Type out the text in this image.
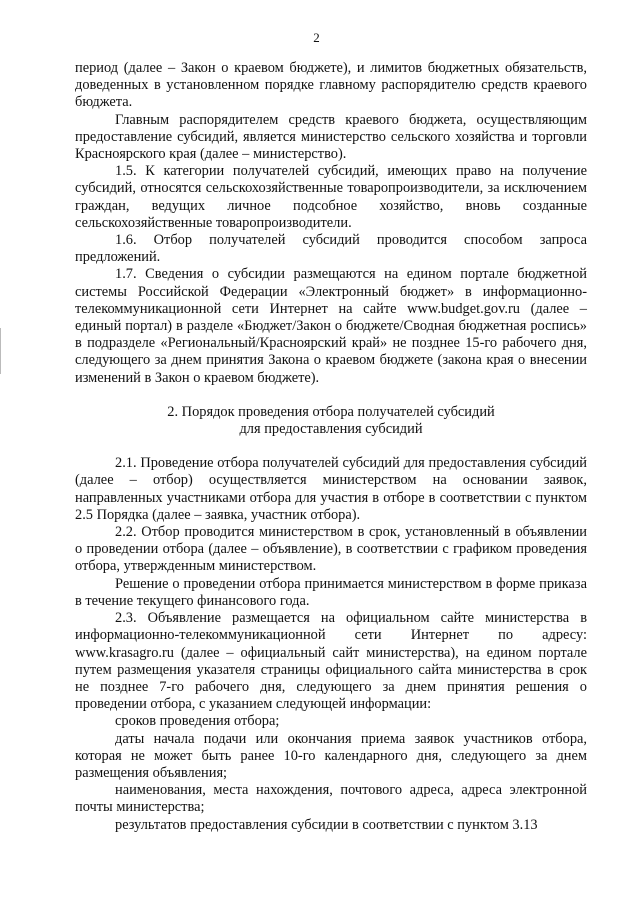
2

период (далее – Закон о краевом бюджете), и лимитов бюджетных обязательств, доведенных в установленном порядке главному распорядителю средств краевого бюджета.

Главным распорядителем средств краевого бюджета, осуществляющим предоставление субсидий, является министерство сельского хозяйства и торговли Красноярского края (далее – министерство).

1.5. К категории получателей субсидий, имеющих право на получение субсидий, относятся сельскохозяйственные товаропроизводители, за исключением граждан, ведущих личное подсобное хозяйство, вновь созданные сельскохозяйственные товаропроизводители.

1.6. Отбор получателей субсидий проводится способом запроса предложений.

1.7. Сведения о субсидии размещаются на едином портале бюджетной системы Российской Федерации «Электронный бюджет» в информационно-телекоммуникационной сети Интернет на сайте www.budget.gov.ru (далее – единый портал) в разделе «Бюджет/Закон о бюджете/Сводная бюджетная роспись» в подразделе «Региональный/Красноярский край» не позднее 15-го рабочего дня, следующего за днем принятия Закона о краевом бюджете (закона края о внесении изменений в Закон о краевом бюджете).

2. Порядок проведения отбора получателей субсидий
для предоставления субсидий

2.1. Проведение отбора получателей субсидий для предоставления субсидий (далее – отбор) осуществляется министерством на основании заявок, направленных участниками отбора для участия в отборе в соответствии с пунктом 2.5 Порядка (далее – заявка, участник отбора).

2.2. Отбор проводится министерством в срок, установленный в объявлении о проведении отбора (далее – объявление), в соответствии с графиком проведения отбора, утвержденным министерством.

Решение о проведении отбора принимается министерством в форме приказа в течение текущего финансового года.

2.3. Объявление размещается на официальном сайте министерства в информационно-телекоммуникационной сети Интернет по адресу: www.krasagro.ru (далее – официальный сайт министерства), на едином портале путем размещения указателя страницы официального сайта министерства в срок не позднее 7-го рабочего дня, следующего за днем принятия решения о проведении отбора, с указанием следующей информации:

сроков проведения отбора;

даты начала подачи или окончания приема заявок участников отбора, которая не может быть ранее 10-го календарного дня, следующего за днем размещения объявления;

наименования, места нахождения, почтового адреса, адреса электронной почты министерства;

результатов предоставления субсидии в соответствии с пунктом 3.13
